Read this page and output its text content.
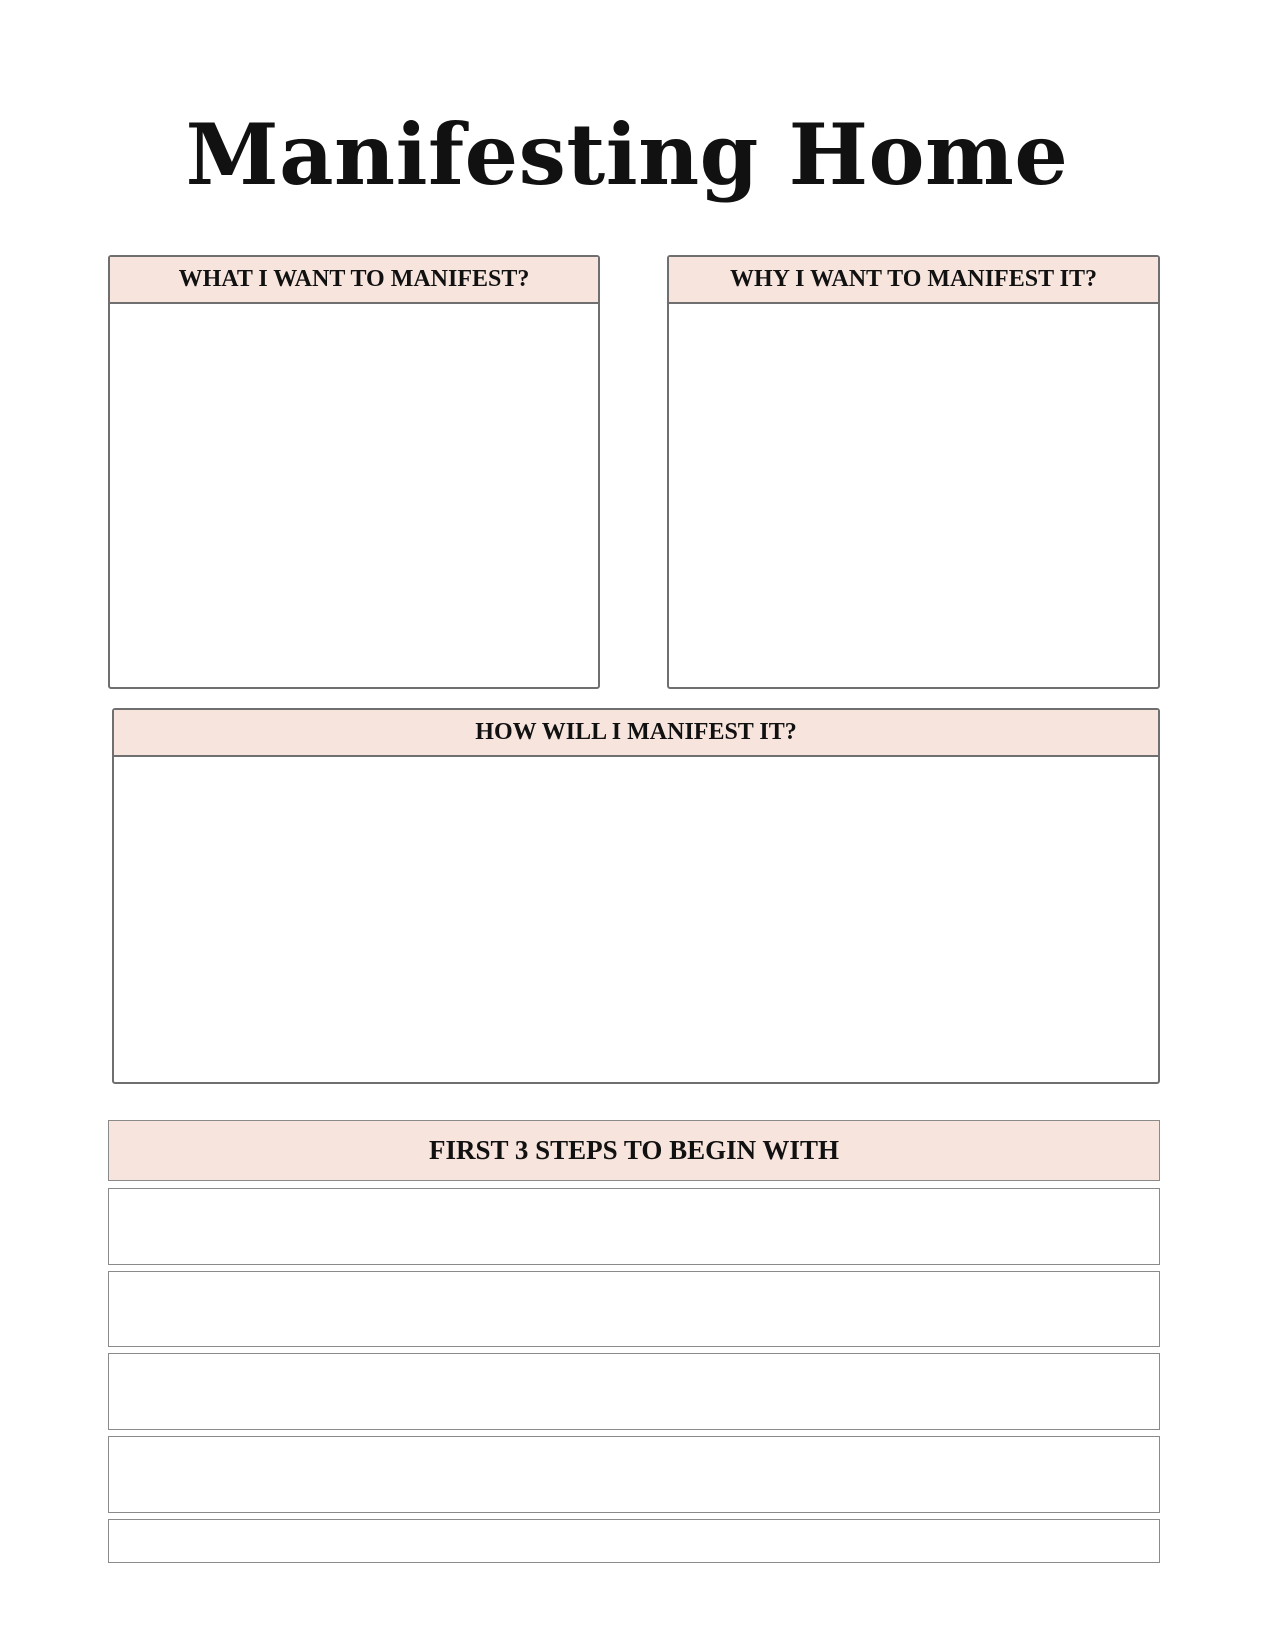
Manifesting Home
WHAT I WANT TO MANIFEST?	WHY I WANT TO MANIFEST IT?
HOW WILL I MANIFEST IT?
FIRST 3 STEPS TO BEGIN WITH
